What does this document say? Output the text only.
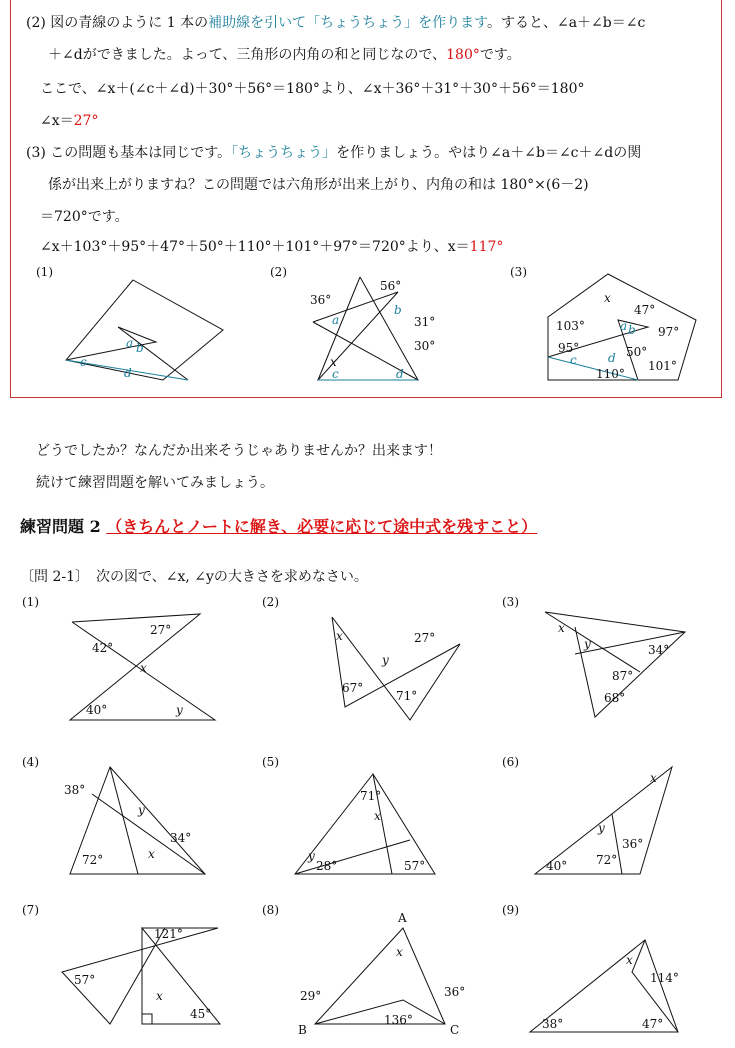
(2) 図の青線のように 1 本の補助線を引いて「ちょうちょう」を作ります。すると、∠a＋∠b＝∠c
＋∠dができました。よって、三角形の内角の和と同じなので、180°です。
ここで、∠x＋(∠c＋∠d)＋30°＋56°＝180°より、∠x＋36°＋31°＋30°＋56°＝180°
∠x＝27°
(3) この問題も基本は同じです。「ちょうちょう」を作りましょう。やはり∠a＋∠b＝∠c＋∠dの関
係が出来上がりますね？この問題では六角形が出来上がり、内角の和は 180°×(6－2)
＝720°です。
∠x＋103°＋95°＋47°＋50°＋110°＋101°＋97°＝720°より、x＝117°
(1)
a b
c
d
(2)
56°
36°
31°
30°
a
b
c	d
x
(3)
x
47°
103°	97°
95°	50°
110°
101°
a b
c	d
どうでしたか？なんだか出来そうじゃありませんか？出来ます！
続けて練習問題を解いてみましょう。
練習問題 2 （きちんとノートに解き、必要に応じて途中式を残すこと）
〔問 2-1〕　 次の図で、∠x, ∠yの大きさを求めなさい。
(1)
42°
27°
x
40°	y
(2)
x	27°
y
67°
71°
(3)
x
y	34°
87°
68°
(4)
38°
y
34°
72°	x
(5)
71°
x
y
28°	57°
(6)
x
y
36°
40° 72°
(7)
121°
57°
x
45°
(8)
A
x
29°	36°
136°
B	C
(9)
x
114°
38°	47°
